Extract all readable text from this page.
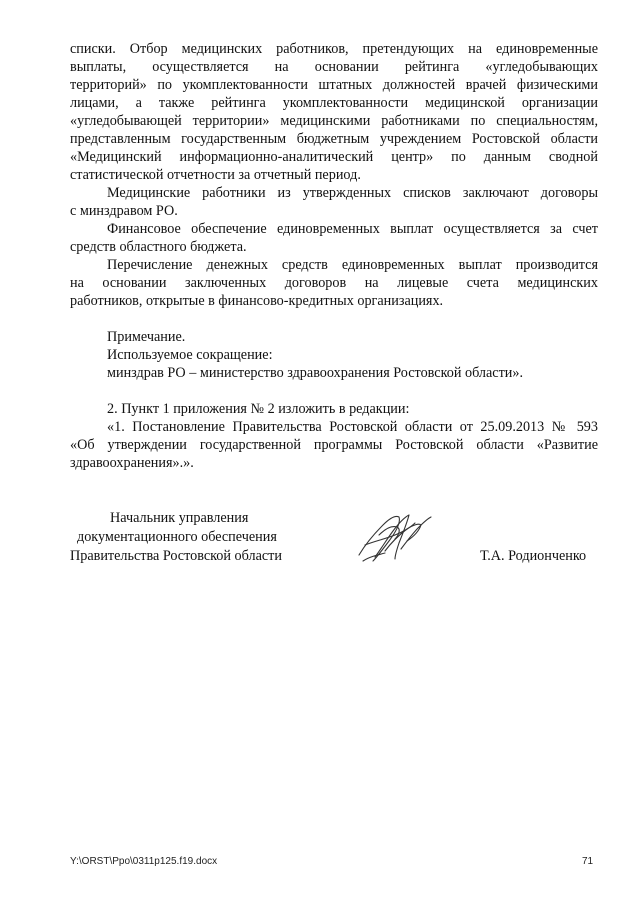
списки. Отбор медицинских работников, претендующих на единовременные
выплаты, осуществляется на основании рейтинга «угледобывающих
территорий» по укомплектованности штатных должностей врачей физическими
лицами, а также рейтинга укомплектованности медицинской организации
«угледобывающей территории» медицинскими работниками по специальностям,
представленным государственным бюджетным учреждением Ростовской области
«Медицинский информационно-аналитический центр» по данным сводной
статистической отчетности за отчетный период.
Медицинские работники из утвержденных списков заключают договоры
с минздравом РО.
Финансовое обеспечение единовременных выплат осуществляется за счет
средств областного бюджета.
Перечисление денежных средств единовременных выплат производится
на основании заключенных договоров на лицевые счета медицинских
работников, открытые в финансово-кредитных организациях.
Примечание.
Используемое сокращение:
минздрав РО – министерство здравоохранения Ростовской области».
2. Пункт 1 приложения № 2 изложить в редакции:
«1. Постановление Правительства Ростовской области от 25.09.2013 № 593
«Об утверждении государственной программы Ростовской области «Развитие
здравоохранения».».
Начальник управления
документационного обеспечения
Правительства Ростовской области	Т.А. Родионченко
Y:\ORST\Ppo\0311p125.f19.docx	71
